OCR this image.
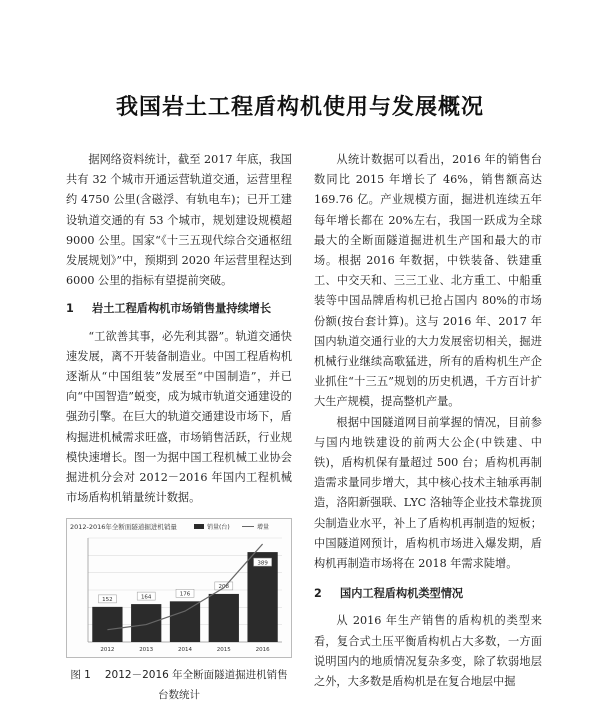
我国岩土工程盾构机使用与发展概况

据网络资料统计，截至 2017 年底，我国共有 32 个城市开通运营轨道交通，运营里程约 4750 公里(含磁浮、有轨电车)；已开工建设轨道交通的有 53 个城市，规划建设规模超 9000 公里。国家“《十三五现代综合交通枢纽发展规划》”中，预期到 2020 年运营里程达到 6000 公里的指标有望提前突破。

1 岩土工程盾构机市场销售量持续增长

“工欲善其事，必先利其器”。轨道交通快速发展，离不开装备制造业。中国工程盾构机逐渐从“中国组装”发展至“中国制造”，并已向“中国智造”蜕变，成为城市轨道交通建设的强劲引擎。在巨大的轨道交通建设市场下，盾构掘进机械需求旺盛，市场销售活跃，行业规模快速增长。图一为据中国工程机械工业协会掘进机分会对 2012－2016 年国内工程机械市场盾构机销量统计数据。

2012-2016年全断面隧道掘进机销量	销量(台)	增量
152
2012
164
2013
176
2014
208
2015
389
2016
图 1 2012－2016 年全断面隧道掘进机销售台数统计

从统计数据可以看出，2016 年的销售台数同比 2015 年增长了 46%，销售额高达 169.76 亿。产业规模方面，掘进机连续五年每年增长都在 20%左右，我国一跃成为全球最大的全断面隧道掘进机生产国和最大的市场。根据 2016 年数据，中铁装备、铁建重工、中交天和、三三工业、北方重工、中船重装等中国品牌盾构机已抢占国内 80%的市场份额(按台套计算)。这与 2016 年、2017 年国内轨道交通行业的大力发展密切相关，掘进机械行业继续高歌猛进，所有的盾构机生产企业抓住“十三五”规划的历史机遇，千方百计扩大生产规模，提高整机产量。

根据中国隧道网目前掌握的情况，目前参与国内地铁建设的前两大公企(中铁建、中铁)，盾构机保有量超过 500 台；盾构机再制造需求量同步增大，其中核心技术主轴承再制造，洛阳新强联、LYC 洛轴等企业技术靠拢顶尖制造业水平，补上了盾构机再制造的短板；中国隧道网预计，盾构机市场进入爆发期，盾构机再制造市场将在 2018 年需求陡增。

2 国内工程盾构机类型情况

从 2016 年生产销售的盾构机的类型来看，复合式土压平衡盾构机占大多数，一方面说明国内的地质情况复杂多变，除了软弱地层之外，大多数是盾构机是在复合地层中掘
